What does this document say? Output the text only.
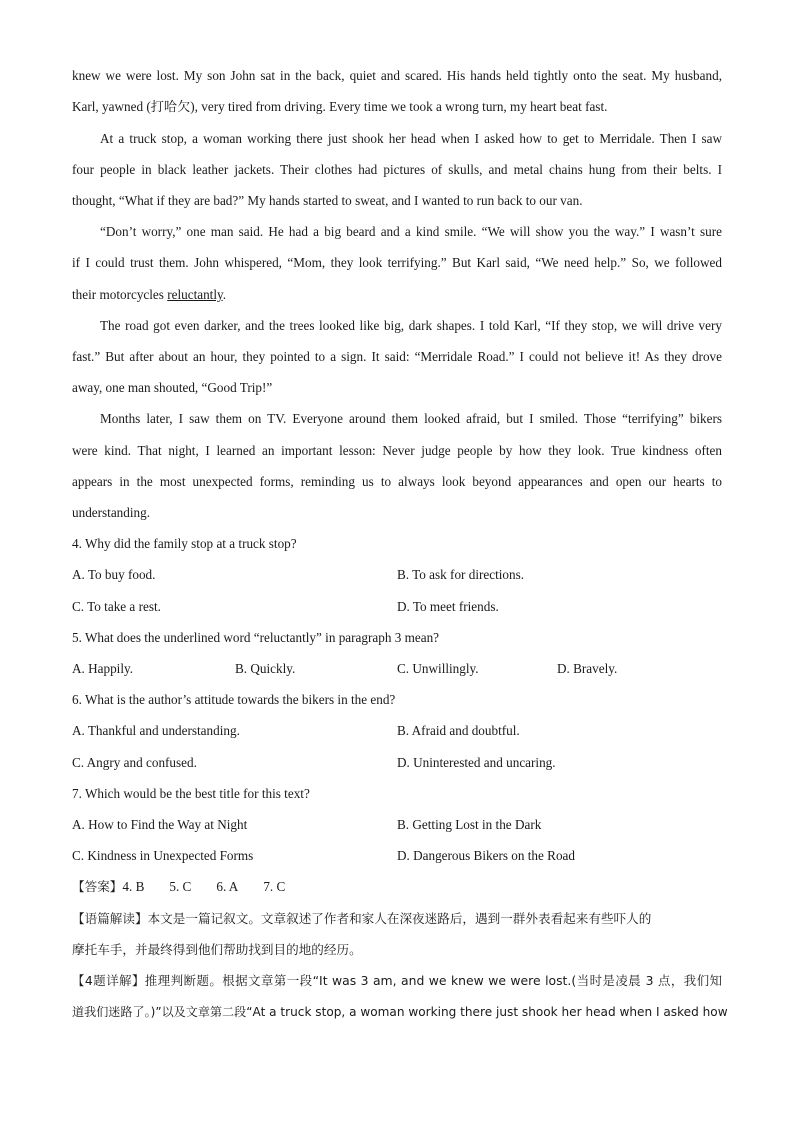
knew we were lost. My son John sat in the back, quiet and scared. His hands held tightly onto the seat. My husband,
Karl, yawned (打哈欠), very tired from driving. Every time we took a wrong turn, my heart beat fast.
At a truck stop, a woman working there just shook her head when I asked how to get to Merridale. Then I saw
four people in black leather jackets. Their clothes had pictures of skulls, and metal chains hung from their belts. I
thought, “What if they are bad?” My hands started to sweat, and I wanted to run back to our van.
“Don’t worry,” one man said. He had a big beard and a kind smile. “We will show you the way.” I wasn’t sure
if I could trust them. John whispered, “Mom, they look terrifying.” But Karl said, “We need help.” So, we followed
their motorcycles reluctantly.
The road got even darker, and the trees looked like big, dark shapes. I told Karl, “If they stop, we will drive very
fast.” But after about an hour, they pointed to a sign. It said: “Merridale Road.” I could not believe it! As they drove
away, one man shouted, “Good Trip!”
Months later, I saw them on TV. Everyone around them looked afraid, but I smiled. Those “terrifying” bikers
were kind. That night, I learned an important lesson: Never judge people by how they look. True kindness often
appears in the most unexpected forms, reminding us to always look beyond appearances and open our hearts to
understanding.
4. Why did the family stop at a truck stop?
A. To buy food.	B. To ask for directions.
C. To take a rest.	D. To meet friends.
5. What does the underlined word “reluctantly” in paragraph 3 mean?
A. Happily.	B. Quickly.	C. Unwillingly.	D. Bravely.
6. What is the author’s attitude towards the bikers in the end?
A. Thankful and understanding.	B. Afraid and doubtful.
C. Angry and confused.	D. Uninterested and uncaring.
7. Which would be the best title for this text?
A. How to Find the Way at Night	B. Getting Lost in the Dark
C. Kindness in Unexpected Forms	D. Dangerous Bikers on the Road
【答案】4. B 5. C 6. A 7. C
【语篇解读】本文是一篇记叙文。文章叙述了作者和家人在深夜迷路后，遇到一群外表看起来有些吓人的
摩托车手，并最终得到他们帮助找到目的地的经历。
【4题详解】推理判断题。根据文章第一段“It was 3 am, and we knew we were lost.(当时是凌晨 3 点，我们知
道我们迷路了。)”以及文章第二段“At a truck stop, a woman working there just shook her head when I asked how
